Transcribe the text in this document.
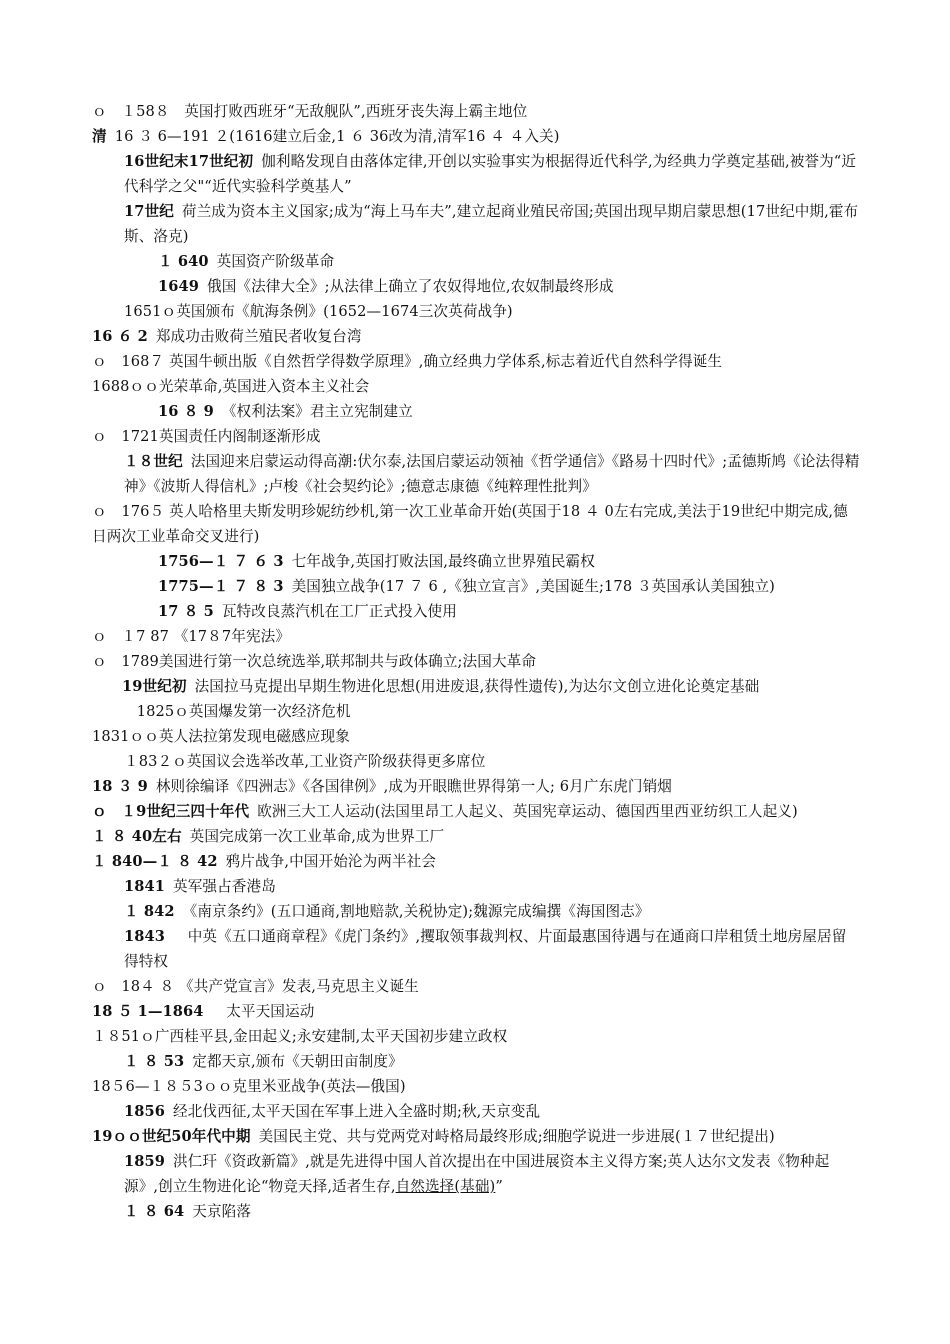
ｏ　１58８　英国打败西班牙“无敌舰队”,西班牙丧失海上霸主地位

清 16 ３ 6—191 ２(1616建立后金,1 ６ 36改为清,清军16 ４ ４入关)

16世纪末17世纪初 伽利略发现自由落体定律,开创以实验事实为根据得近代科学,为经典力学奠定基础,被誉为“近代科学之父"“近代实验科学奠基人”

17世纪 荷兰成为资本主义国家;成为“海上马车夫”,建立起商业殖民帝国;英国出现早期启蒙思想(17世纪中期,霍布斯、洛克)

１ 640 英国资产阶级革命

1649 俄国《法律大全》;从法律上确立了农奴得地位,农奴制最终形成

1651ｏ英国颁布《航海条例》(1652—1674三次英荷战争)

16 ６ 2 郑成功击败荷兰殖民者收复台湾

ｏ　168７ 英国牛顿出版《自然哲学得数学原理》,确立经典力学体系,标志着近代自然科学得诞生

1688ｏｏ光荣革命,英国进入资本主义社会

16 ８ 9 《权利法案》君主立宪制建立

ｏ　1721英国责任内阁制逐渐形成

１８世纪 法国迎来启蒙运动得高潮:伏尔泰,法国启蒙运动领袖《哲学通信》《路易十四时代》;孟德斯鸠《论法得精神》《波斯人得信札》;卢梭《社会契约论》;德意志康德《纯粹理性批判》

ｏ　176５ 英人哈格里夫斯发明珍妮纺纱机,第一次工业革命开始(英国于18 ４ 0左右完成,美法于19世纪中期完成,德日两次工业革命交叉进行)

1756—１ ７ ６ 3 七年战争,英国打败法国,最终确立世界殖民霸权

1775—１ ７ ８ 3 美国独立战争(17 ７ 6 ,《独立宣言》,美国诞生;178 ３英国承认美国独立)

17 ８ 5 瓦特改良蒸汽机在工厂正式投入使用

ｏ　１7 87 《17８7年宪法》

ｏ　1789美国进行第一次总统选举,联邦制共与政体确立;法国大革命

19世纪初 法国拉马克提出早期生物进化思想(用进废退,获得性遗传),为达尔文创立进化论奠定基础

　1825ｏ英国爆发第一次经济危机

1831ｏｏ英人法拉第发现电磁感应现象

１83２ｏ英国议会选举改革,工业资产阶级获得更多席位

18 ３ 9 林则徐编译《四洲志》《各国律例》,成为开眼瞧世界得第一人; 6月广东虎门销烟

ｏ　１9世纪三四十年代 欧洲三大工人运动(法国里昂工人起义、英国宪章运动、德国西里西亚纺织工人起义)

１ ８ 40左右 英国完成第一次工业革命,成为世界工厂

１ 840—１ ８ 42 鸦片战争,中国开始沦为两半社会

1841 英军强占香港岛

１ 842 《南京条约》(五口通商,割地赔款,关税协定);魏源完成编撰《海国图志》

1843　中英《五口通商章程》《虎门条约》,攫取领事裁判权、片面最惠国待遇与在通商口岸租赁土地房屋居留得特权

ｏ　18４ ８ 《共产党宣言》发表,马克思主义诞生

18 ５ 1—1864　太平天国运动

１８51ｏ广西桂平县,金田起义;永安建制,太平天国初步建立政权

１ ８ 53 定都天京,颁布《天朝田亩制度》

18５6—１８５3ｏｏ克里米亚战争(英法—俄国)

1856 经北伐西征,太平天国在军事上进入全盛时期;秋,天京变乱

19ｏｏ世纪50年代中期 美国民主党、共与党两党对峙格局最终形成;细胞学说进一步进展(１７世纪提出)

1859 洪仁玕《资政新篇》,就是先进得中国人首次提出在中国进展资本主义得方案;英人达尔文发表《物种起源》,创立生物进化论“物竞天择,适者生存,自然选择(基础)”

１ ８ 64 天京陷落
